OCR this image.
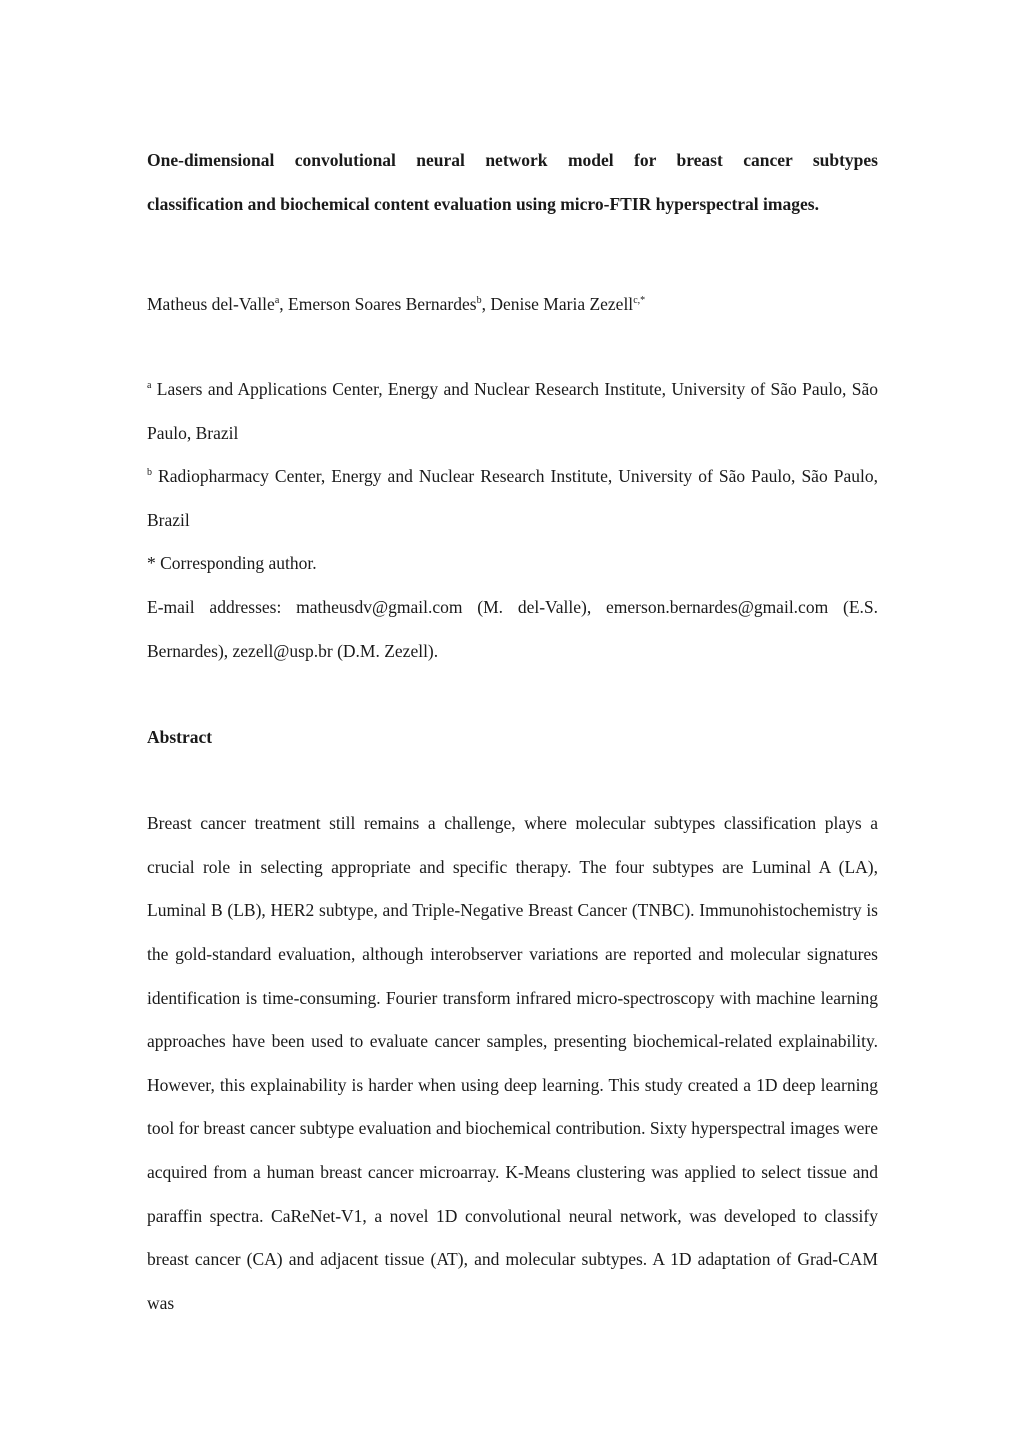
One-dimensional convolutional neural network model for breast cancer subtypes
classification and biochemical content evaluation using micro-FTIR hyperspectral images.

Matheus del-Valle$^a$, Emerson Soares Bernardes$^b$, Denise Maria Zezell$^{c,*}$

$^a$ Lasers and Applications Center, Energy and Nuclear Research Institute, University of São Paulo, São Paulo, Brazil

$^b$ Radiopharmacy Center, Energy and Nuclear Research Institute, University of São Paulo, São Paulo, Brazil

* Corresponding author.

E-mail addresses: matheusdv@gmail.com (M. del-Valle), emerson.bernardes@gmail.com (E.S. Bernardes), zezell@usp.br (D.M. Zezell).

Abstract

Breast cancer treatment still remains a challenge, where molecular subtypes classification plays a crucial role in selecting appropriate and specific therapy. The four subtypes are Luminal A (LA), Luminal B (LB), HER2 subtype, and Triple-Negative Breast Cancer (TNBC). Immunohistochemistry is the gold-standard evaluation, although interobserver variations are reported and molecular signatures identification is time-consuming. Fourier transform infrared micro-spectroscopy with machine learning approaches have been used to evaluate cancer samples, presenting biochemical-related explainability. However, this explainability is harder when using deep learning. This study created a 1D deep learning tool for breast cancer subtype evaluation and biochemical contribution. Sixty hyperspectral images were acquired from a human breast cancer microarray. K-Means clustering was applied to select tissue and paraffin spectra. CaReNet-V1, a novel 1D convolutional neural network, was developed to classify breast cancer (CA) and adjacent tissue (AT), and molecular subtypes. A 1D adaptation of Grad-CAM was
